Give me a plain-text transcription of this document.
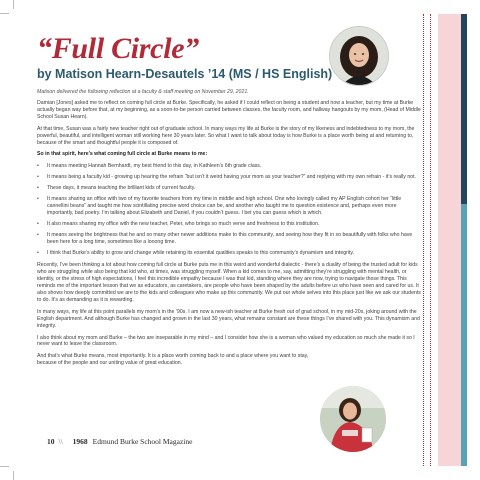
“Full Circle”
by Matison Hearn-Desautels ’14 (MS / HS English)

Matison delivered the following reflection at a faculty & staff meeting on November 29, 2021.

Damian [Jones] asked me to reflect on coming full circle at Burke. Specifically, he asked if I could reflect on being a student and now a teacher, but my time at Burke actually began way before that, at my beginning, as a soon-to-be person carried between classes, the faculty room, and hallway hangouts by my mom, (Head of Middle School Susan Hearn).

At that time, Susan was a fairly new teacher right out of graduate school. In many ways my life at Burke is the story of my likeness and indebtedness to my mom, the powerful, beautiful, and intelligent woman still working here 30 years later. So what I want to talk about today is how Burke is a place worth being at and returning to, because of the smart and thoughtful people it is composed of.

So in that spirit, here’s what coming full circle at Burke means to me:

• It means meeting Hannah Bernhardt, my best friend to this day, in Kathleen’s 6th grade class.
• It means being a faculty kid - growing up hearing the refrain “but isn’t it weird having your mom as your teacher?” and replying with my own refrain - it’s really not.
• These days, it means teaching the brilliant kids of current faculty.
• It means sharing an office with two of my favorite teachers from my time in middle and high school. One who lovingly called my AP English cohort her “little cannellini beans” and taught me how scintillating precise word choice can be, and another who taught me to question existence and, perhaps even more importantly, bad poetry. I’m talking about Elizabeth and Daniel, if you couldn’t guess. I bet you can guess which is which.
• It also means sharing my office with the new teacher, Peter, who brings so much verve and freshness to this institution.
• It means seeing the brightness that he and so many other newer additions make to this community, and seeing how they fit in so beautifully with folks who have been here for a long time, sometimes like a looong time.
• I think that Burke’s ability to grow and change while retaining its essential qualities speaks to this community’s dynamism and integrity.

Recently, I’ve been thinking a lot about how coming full circle at Burke puts me in this weird and wonderful dialectic - there’s a duality of being the trusted adult for kids who are struggling while also being that kid who, at times, was struggling myself. When a kid comes to me, say, admitting they’re struggling with mental health, or identity, or the stress of high expectations, I feel this incredible empathy because I was that kid, standing where they are now, trying to navigate those things. This reminds me of the important lesson that we as educators, as caretakers, are people who have been shaped by the adults before us who have seen and cared for us. It also shows how deeply committed we are to the kids and colleagues who make up this community. We put our whole selves into this place just like we ask our students to do. It’s as demanding as it is rewarding.

In many ways, my life at this point parallels my mom’s in the ’90s. I am now a new-ish teacher at Burke fresh out of grad school, in my mid-20s, joking around with the English department. And although Burke has changed and grown in the last 30 years, what remains constant are these things I’ve shared with you. This dynamism and integrity.

I also think about my mom and Burke – the two are inseparable in my mind – and I consider how she is a woman who valued my education so much she made it so I never want to leave the classroom.

And that’s what Burke means, most importantly. It is a place worth coming back to and a place where you want to stay, because of the people and our uniting value of great education.

10 \\ 1968 Edmund Burke School Magazine
